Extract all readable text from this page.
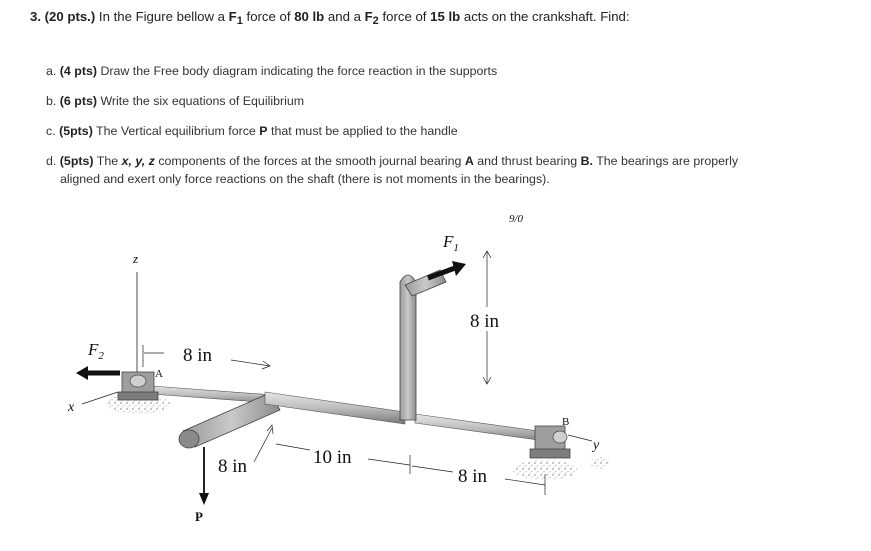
3. (20 pts.) In the Figure bellow a $F_1$ force of 80 lb and a $F_2$ force of 15 lb acts on the crankshaft. Find:
a. (4 pts) Draw the Free body diagram indicating the force reaction in the supports
b. (6 pts) Write the six equations of Equilibrium
c. (5pts) The Vertical equilibrium force P that must be applied to the handle
d. (5pts) The x, y, z components of the forces at the smooth journal bearing A and thrust bearing B. The bearings are properly
aligned and exert only force reactions on the shaft (there is not moments in the bearings).
9/0
z
x
y
P
A
B
$F_2$
$F_1$
8 in
8 in
8 in	10 in
8 in
